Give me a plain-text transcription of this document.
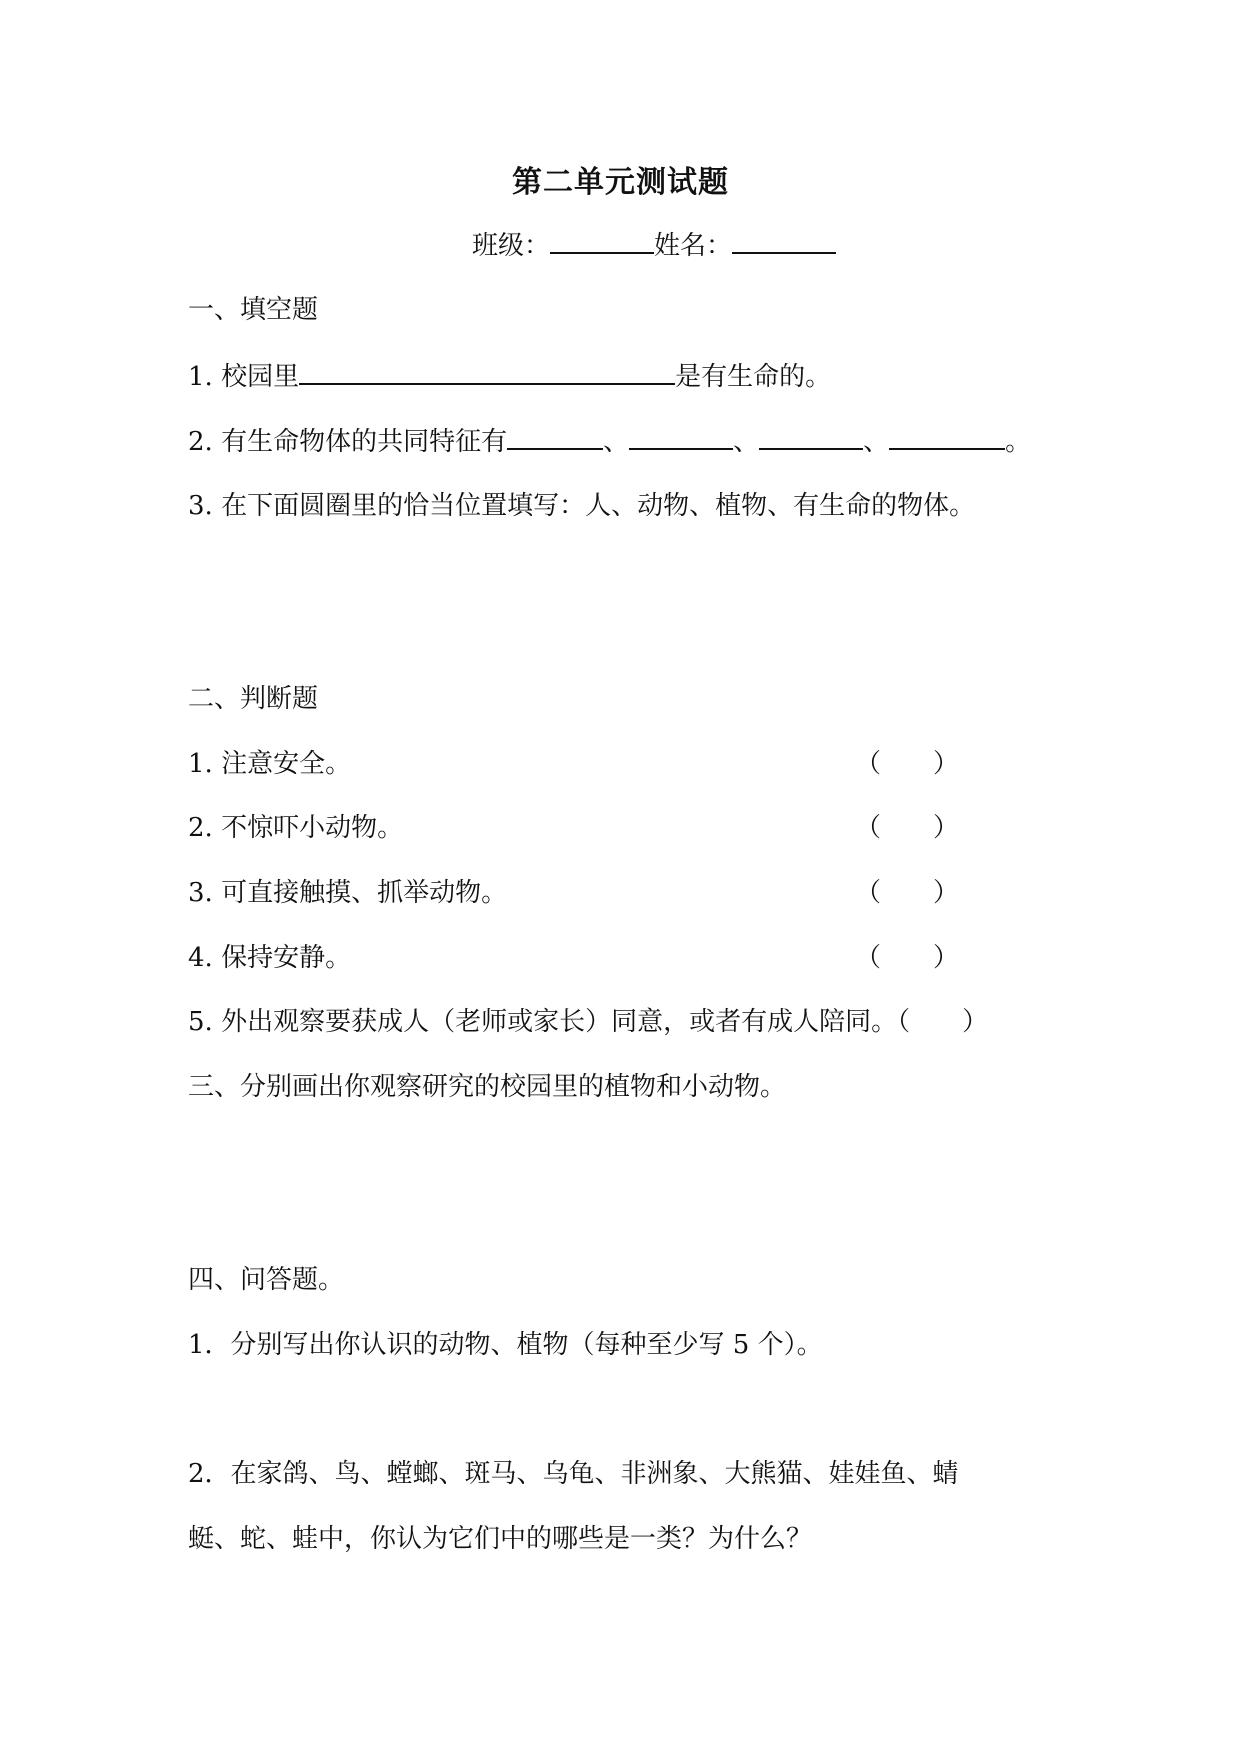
第二单元测试题
班级：	姓名：
一、填空题
1. 校园里	是有生命的。
2. 有生命物体的共同特征有	、	、	、	。
3. 在下面圆圈里的恰当位置填写：人、动物、植物、有生命的物体。
二、判断题
1. 注意安全。	（　　）
2. 不惊吓小动物。	（　　）
3. 可直接触摸、抓举动物。	（　　）
4. 保持安静。	（　　）
5. 外出观察要获成人（老师或家长）同意，或者有成人陪同。（　　）
三、分别画出你观察研究的校园里的植物和小动物。
四、问答题。
1．分别写出你认识的动物、植物（每种至少写 5 个）。
2．在家鸽、鸟、螳螂、斑马、乌龟、非洲象、大熊猫、娃娃鱼、蜻
蜓、蛇、蛙中，你认为它们中的哪些是一类？为什么？
